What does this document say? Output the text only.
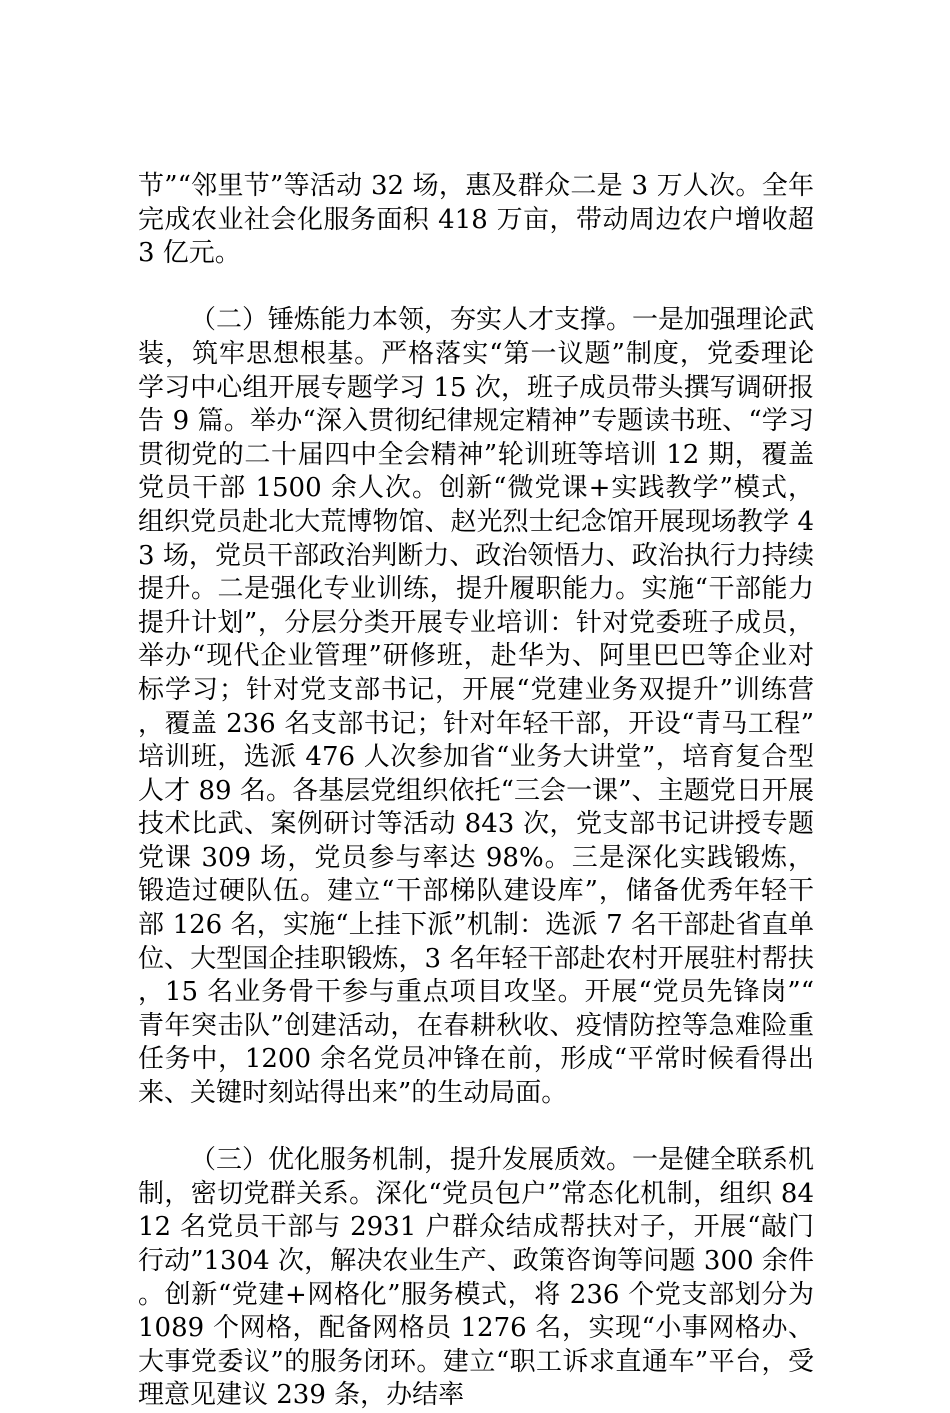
节”“邻里节”等活动 32 场，惠及群众二是 3 万人次。全年完成农业社会化服务面积 418 万亩，带动周边农户增收超 3 亿元。

（二）锤炼能力本领，夯实人才支撑。一是加强理论武装，筑牢思想根基。严格落实“第一议题”制度，党委理论学习中心组开展专题学习 15 次，班子成员带头撰写调研报告 9 篇。举办“深入贯彻纪律规定精神”专题读书班、“学习贯彻党的二十届四中全会精神”轮训班等培训 12 期，覆盖党员干部 1500 余人次。创新“微党课+实践教学”模式，组织党员赴北大荒博物馆、赵光烈士纪念馆开展现场教学 43 场，党员干部政治判断力、政治领悟力、政治执行力持续提升。二是强化专业训练，提升履职能力。实施“干部能力提升计划”，分层分类开展专业培训：针对党委班子成员，举办“现代企业管理”研修班，赴华为、阿里巴巴等企业对标学习；针对党支部书记，开展“党建业务双提升”训练营，覆盖 236 名支部书记；针对年轻干部，开设“青马工程”培训班，选派 476 人次参加省“业务大讲堂”，培育复合型人才 89 名。各基层党组织依托“三会一课”、主题党日开展技术比武、案例研讨等活动 843 次，党支部书记讲授专题党课 309 场，党员参与率达 98%。三是深化实践锻炼，锻造过硬队伍。建立“干部梯队建设库”，储备优秀年轻干部 126 名，实施“上挂下派”机制：选派 7 名干部赴省直单位、大型国企挂职锻炼，3 名年轻干部赴农村开展驻村帮扶，15 名业务骨干参与重点项目攻坚。开展“党员先锋岗”“青年突击队”创建活动，在春耕秋收、疫情防控等急难险重任务中，1200 余名党员冲锋在前，形成“平常时候看得出来、关键时刻站得出来”的生动局面。

（三）优化服务机制，提升发展质效。一是健全联系机制，密切党群关系。深化“党员包户”常态化机制，组织 8412 名党员干部与 2931 户群众结成帮扶对子，开展“敲门行动”1304 次，解决农业生产、政策咨询等问题 300 余件。创新“党建+网格化”服务模式，将 236 个党支部划分为 1089 个网格，配备网格员 1276 名，实现“小事网格办、大事党委议”的服务闭环。建立“职工诉求直通车”平台，受理意见建议 239 条，办结率
